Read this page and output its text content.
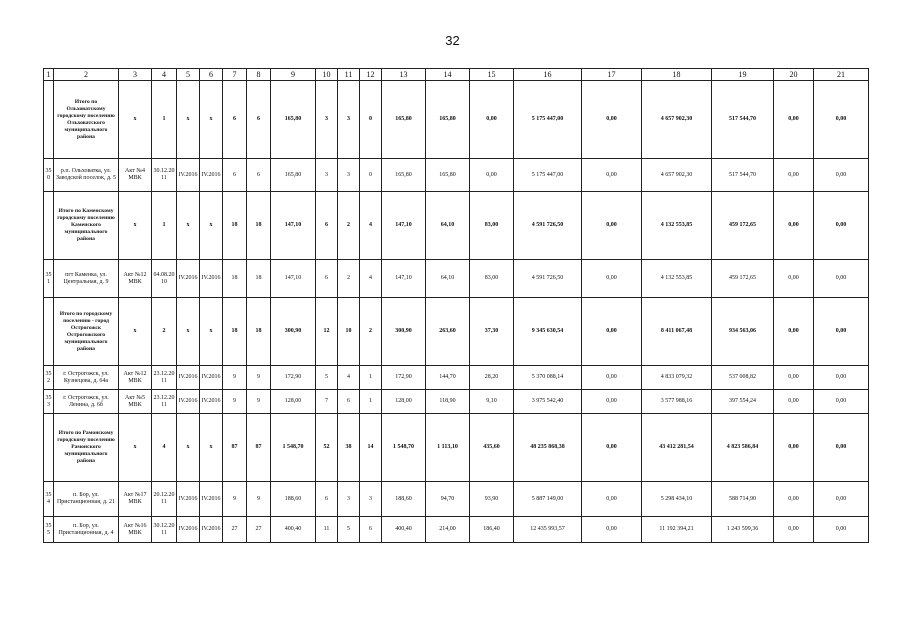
32
1	2	3	4	5	6	7	8	9	10	11	12	13	14	15	16	17	18	19	20	21
	Итого по Ольховатскому городскому поселению Ольховатского муниципального района	х	1	х	х	6	6	165,80	3	3	0	165,80	165,80	0,00	5 175 447,00	0,00	4 657 902,30	517 544,70	0,00	0,00
350	р.п. Ольховатка, ул. Заводской поселок, д. 5	Акт №4 МВК	30.12.2011	IV.2016	IV.2016	6	6	165,80	3	3	0	165,80	165,80	0,00	5 175 447,00	0,00	4 657 902,30	517 544,70	0,00	0,00
	Итого по Каменскому городскому поселению Каменского муниципального района	х	1	х	х	18	18	147,10	6	2	4	147,10	64,10	83,00	4 591 726,50	0,00	4 132 553,85	459 172,65	0,00	0,00
351	пгт Каменка, ул. Центральная, д. 9	Акт №12 МВК	04.08.2010	IV.2016	IV.2016	18	18	147,10	6	2	4	147,10	64,10	83,00	4 591 726,50	0,00	4 132 553,85	459 172,65	0,00	0,00
	Итого по городскому поселению - город Острогожск Острогожского муниципального района	х	2	х	х	18	18	300,90	12	10	2	300,90	263,60	37,30	9 345 630,54	0,00	8 411 067,48	934 563,06	0,00	0,00
352	г. Острогожск, ул. Кузнецова, д. 64а	Акт №12 МВК	23.12.2011	IV.2016	IV.2016	9	9	172,90	5	4	1	172,90	144,70	28,20	5 370 088,14	0,00	4 833 079,32	537 008,82	0,00	0,00
353	г. Острогожск, ул. Ленина, д. 6б	Акт №5 МВК	23.12.2011	IV.2016	IV.2016	9	9	128,00	7	6	1	128,00	118,90	9,10	3 975 542,40	0,00	3 577 988,16	397 554,24	0,00	0,00
	Итого по Рамонскому городскому поселению Рамонского муниципального района	х	4	х	х	87	87	1 548,70	52	38	14	1 548,70	1 113,10	435,60	48 235 868,38	0,00	43 412 281,54	4 823 586,84	0,00	0,00
354	п. Бор, ул. Пристанционная, д. 21	Акт №17 МВК	20.12.2011	IV.2016	IV.2016	9	9	188,60	6	3	3	188,60	94,70	93,90	5 887 149,00	0,00	5 298 434,10	588 714,90	0,00	0,00
355	п. Бор, ул. Пристанционная, д. 4	Акт №16 МВК	30.12.2011	IV.2016	IV.2016	27	27	400,40	11	5	6	400,40	214,00	186,40	12 435 993,57	0,00	11 192 394,21	1 243 599,36	0,00	0,00
